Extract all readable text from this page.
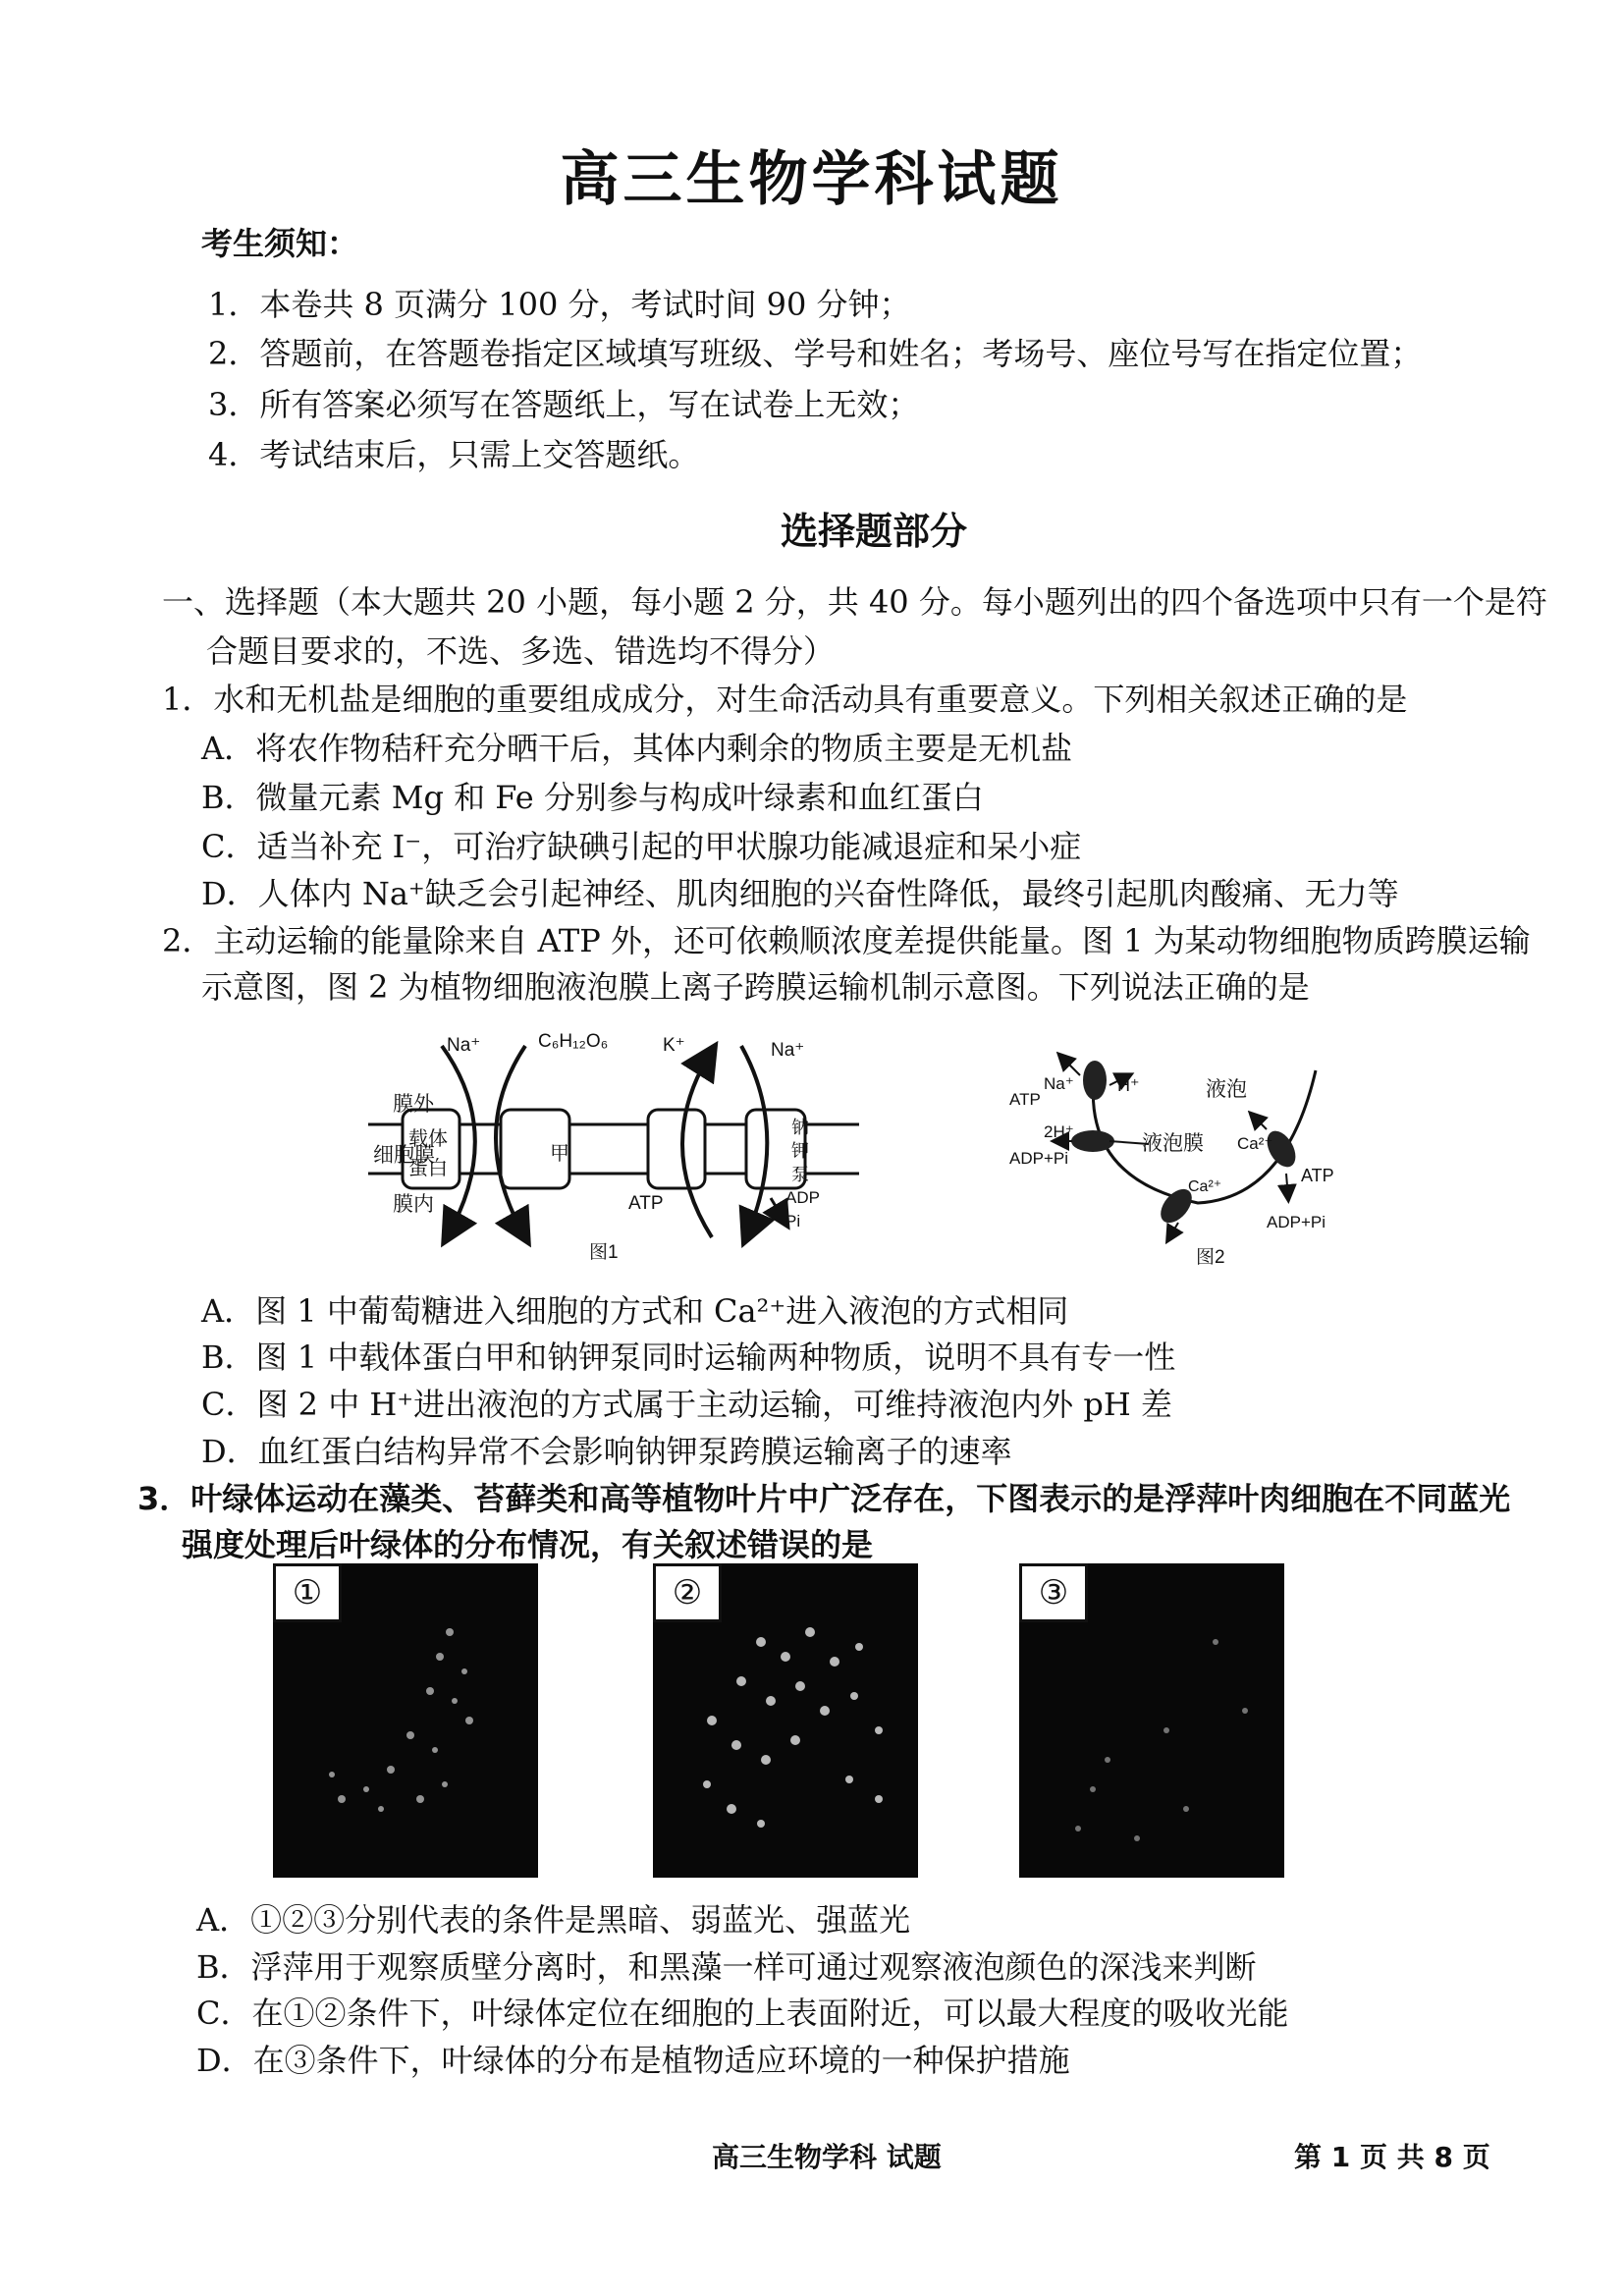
高三生物学科试题
考生须知：
1．本卷共 8 页满分 100 分，考试时间 90 分钟；
2．答题前，在答题卷指定区域填写班级、学号和姓名；考场号、座位号写在指定位置；
3．所有答案必须写在答题纸上，写在试卷上无效；
4．考试结束后，只需上交答题纸。
选择题部分
一、选择题（本大题共 20 小题，每小题 2 分，共 40 分。每小题列出的四个备选项中只有一个是符
合题目要求的，不选、多选、错选均不得分）
1．水和无机盐是细胞的重要组成成分，对生命活动具有重要意义。下列相关叙述正确的是
A．将农作物秸秆充分晒干后，其体内剩余的物质主要是无机盐
B．微量元素 Mg 和 Fe 分别参与构成叶绿素和血红蛋白
C．适当补充 I⁻，可治疗缺碘引起的甲状腺功能减退症和呆小症
D．人体内 Na⁺缺乏会引起神经、肌肉细胞的兴奋性降低，最终引起肌肉酸痛、无力等
2．主动运输的能量除来自 ATP 外，还可依赖顺浓度差提供能量。图 1 为某动物细胞物质跨膜运输
示意图，图 2 为植物细胞液泡膜上离子跨膜运输机制示意图。下列说法正确的是
Na⁺	C₆H₁₂O₆	K⁺	Na⁺
膜外
细胞膜
膜内
载体
蛋白
甲
钠
钾
泵
ATP	ADP
Pi
图1
Na⁺ H⁺
ATP
2H⁺
ADP+Pi
液泡
液泡膜 Ca²⁺
Ca²⁺
ATP
ADP+Pi
图2
A．图 1 中葡萄糖进入细胞的方式和 Ca²⁺进入液泡的方式相同
B．图 1 中载体蛋白甲和钠钾泵同时运输两种物质，说明不具有专一性
C．图 2 中 H⁺进出液泡的方式属于主动运输，可维持液泡内外 pH 差
D．血红蛋白结构异常不会影响钠钾泵跨膜运输离子的速率
3．叶绿体运动在藻类、苔藓类和高等植物叶片中广泛存在，下图表示的是浮萍叶肉细胞在不同蓝光
强度处理后叶绿体的分布情况，有关叙述错误的是
①	②	③
A．①②③分别代表的条件是黑暗、弱蓝光、强蓝光
B．浮萍用于观察质壁分离时，和黑藻一样可通过观察液泡颜色的深浅来判断
C．在①②条件下，叶绿体定位在细胞的上表面附近，可以最大程度的吸收光能
D．在③条件下，叶绿体的分布是植物适应环境的一种保护措施
高三生物学科 试题	第 1 页 共 8 页
